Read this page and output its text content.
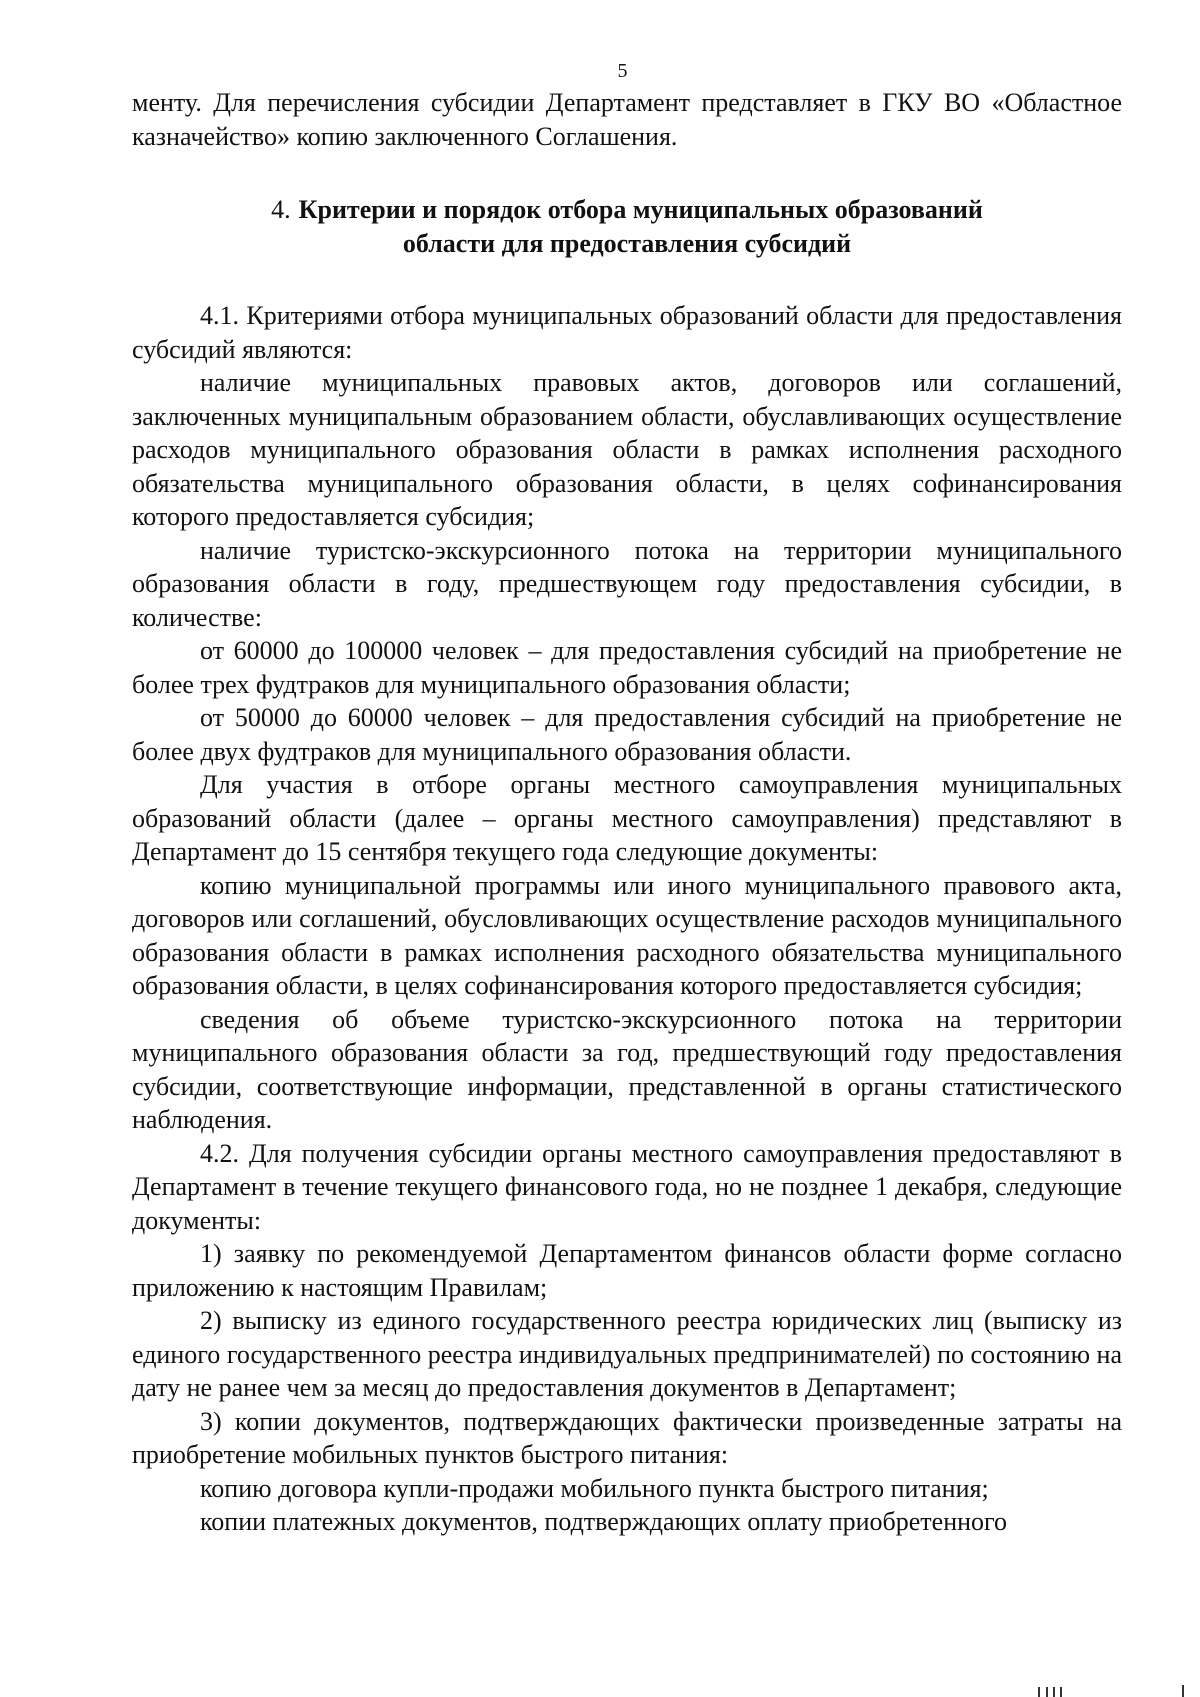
5

менту. Для перечисления субсидии Департамент представляет в ГКУ ВО «Областное казначейство» копию заключенного Соглашения.

4. Критерии и порядок отбора муниципальных образований
области для предоставления субсидий

4.1. Критериями отбора муниципальных образований области для предоставления субсидий являются:

наличие муниципальных правовых актов, договоров или соглашений, заключенных муниципальным образованием области, обуславливающих осуществление расходов муниципального образования области в рамках исполнения расходного обязательства муниципального образования области, в целях софинансирования которого предоставляется субсидия;

наличие туристско-экскурсионного потока на территории муниципального образования области в году, предшествующем году предоставления субсидии, в количестве:

от 60000 до 100000 человек – для предоставления субсидий на приобретение не более трех фудтраков для муниципального образования области;

от 50000 до 60000 человек – для предоставления субсидий на приобретение не более двух фудтраков для муниципального образования области.

Для участия в отборе органы местного самоуправления муниципальных образований области (далее – органы местного самоуправления) представляют в Департамент до 15 сентября текущего года следующие документы:

копию муниципальной программы или иного муниципального правового акта, договоров или соглашений, обусловливающих осуществление расходов муниципального образования области в рамках исполнения расходного обязательства муниципального образования области, в целях софинансирования которого предоставляется субсидия;

сведения об объеме туристско-экскурсионного потока на территории муниципального образования области за год, предшествующий году предоставления субсидии, соответствующие информации, представленной в органы статистического наблюдения.

4.2. Для получения субсидии органы местного самоуправления предоставляют в Департамент в течение текущего финансового года, но не позднее 1 декабря, следующие документы:

1) заявку по рекомендуемой Департаментом финансов области форме согласно приложению к настоящим Правилам;

2) выписку из единого государственного реестра юридических лиц (выписку из единого государственного реестра индивидуальных предпринимателей) по состоянию на дату не ранее чем за месяц до предоставления документов в Департамент;

3) копии документов, подтверждающих фактически произведенные затраты на приобретение мобильных пунктов быстрого питания:

копию договора купли-продажи мобильного пункта быстрого питания;

копии платежных документов, подтверждающих оплату приобретенного
